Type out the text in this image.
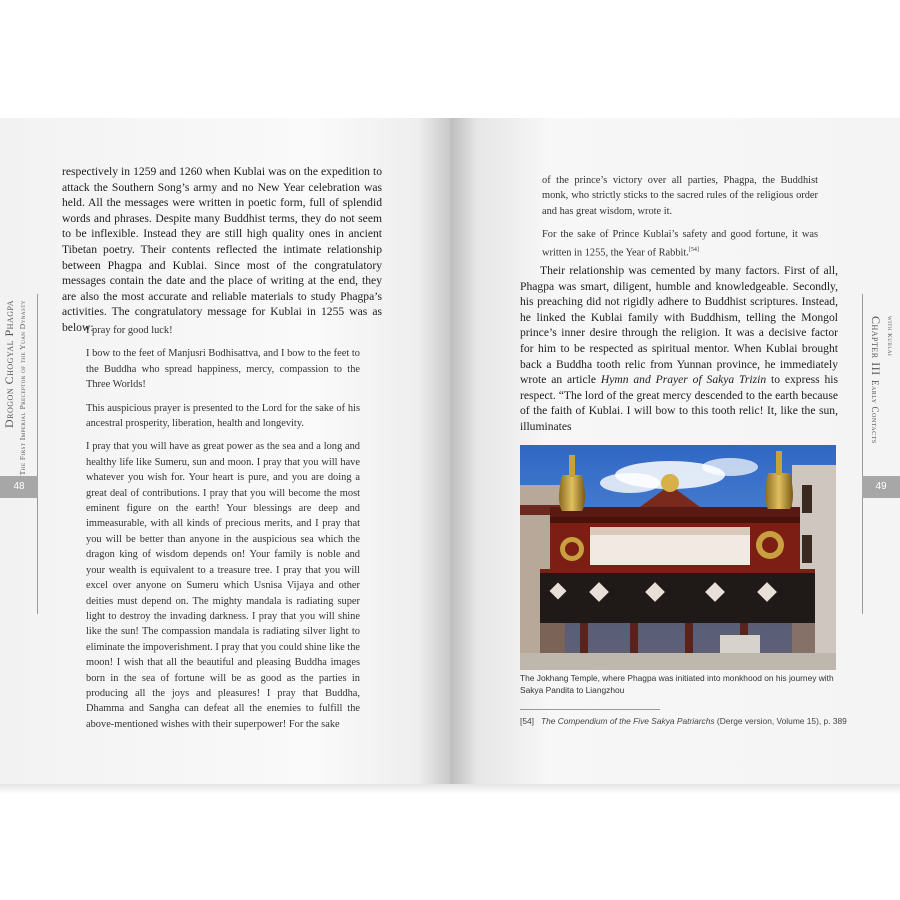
Drogon Chogyal Phagpa The First Imperial Preceptor of the Yuan Dynasty
48

respectively in 1259 and 1260 when Kublai was on the expedition to attack the Southern Song’s army and no New Year celebration was held. All the messages were written in poetic form, full of splendid words and phrases. Despite many Buddhist terms, they do not seem to be inflexible. Instead they are still high quality ones in ancient Tibetan poetry. Their contents reflected the intimate relationship between Phagpa and Kublai. Since most of the congratulatory messages contain the date and the place of writing at the end, they are also the most accurate and reliable materials to study Phagpa’s activities. The congratulatory message for Kublai in 1255 was as below:

I pray for good luck!

I bow to the feet of Manjusri Bodhisattva, and I bow to the feet to the Buddha who spread happiness, mercy, compassion to the Three Worlds!

This auspicious prayer is presented to the Lord for the sake of his ancestral prosperity, liberation, health and longevity.

I pray that you will have as great power as the sea and a long and healthy life like Sumeru, sun and moon. I pray that you will have whatever you wish for. Your heart is pure, and you are doing a great deal of contributions. I pray that you will become the most eminent figure on the earth! Your blessings are deep and immeasurable, with all kinds of precious merits, and I pray that you will be better than anyone in the auspicious sea which the dragon king of wisdom depends on! Your family is noble and your wealth is equivalent to a treasure tree. I pray that you will excel over anyone on Sumeru which Usnisa Vijaya and other deities must depend on. The mighty mandala is radiating super light to destroy the invading darkness. I pray that you will shine like the sun! The compassion mandala is radiating silver light to eliminate the impoverishment. I pray that you could shine like the moon! I wish that all the beautiful and pleasing Buddha images born in the sea of fortune will be as good as the parties in producing all the joys and pleasures! I pray that Buddha, Dhamma and Sangha can defeat all the enemies to fulfill the above-mentioned wishes with their superpower! For the sake

Chapter III with Kublai
Early Contacts
49

of the prince’s victory over all parties, Phagpa, the Buddhist monk, who strictly sticks to the sacred rules of the religious order and has great wisdom, wrote it.

For the sake of Prince Kublai’s safety and good fortune, it was written in 1255, the Year of Rabbit.[54]

Their relationship was cemented by many factors. First of all, Phagpa was smart, diligent, humble and knowledgeable. Secondly, his preaching did not rigidly adhere to Buddhist scriptures. Instead, he linked the Kublai family with Buddhism, telling the Mongol prince’s inner desire through the religion. It was a decisive factor for him to be respected as spiritual mentor. When Kublai brought back a Buddha tooth relic from Yunnan province, he immediately wrote an article Hymn and Prayer of Sakya Trizin to express his respect. “The lord of the great mercy descended to the earth because of the faith of Kublai. I will bow to this tooth relic! It, like the sun, illuminates

The Jokhang Temple, where Phagpa was initiated into monkhood on his journey with Sakya Pandita to Liangzhou
[54] The Compendium of the Five Sakya Patriarchs (Derge version, Volume 15), p. 389
